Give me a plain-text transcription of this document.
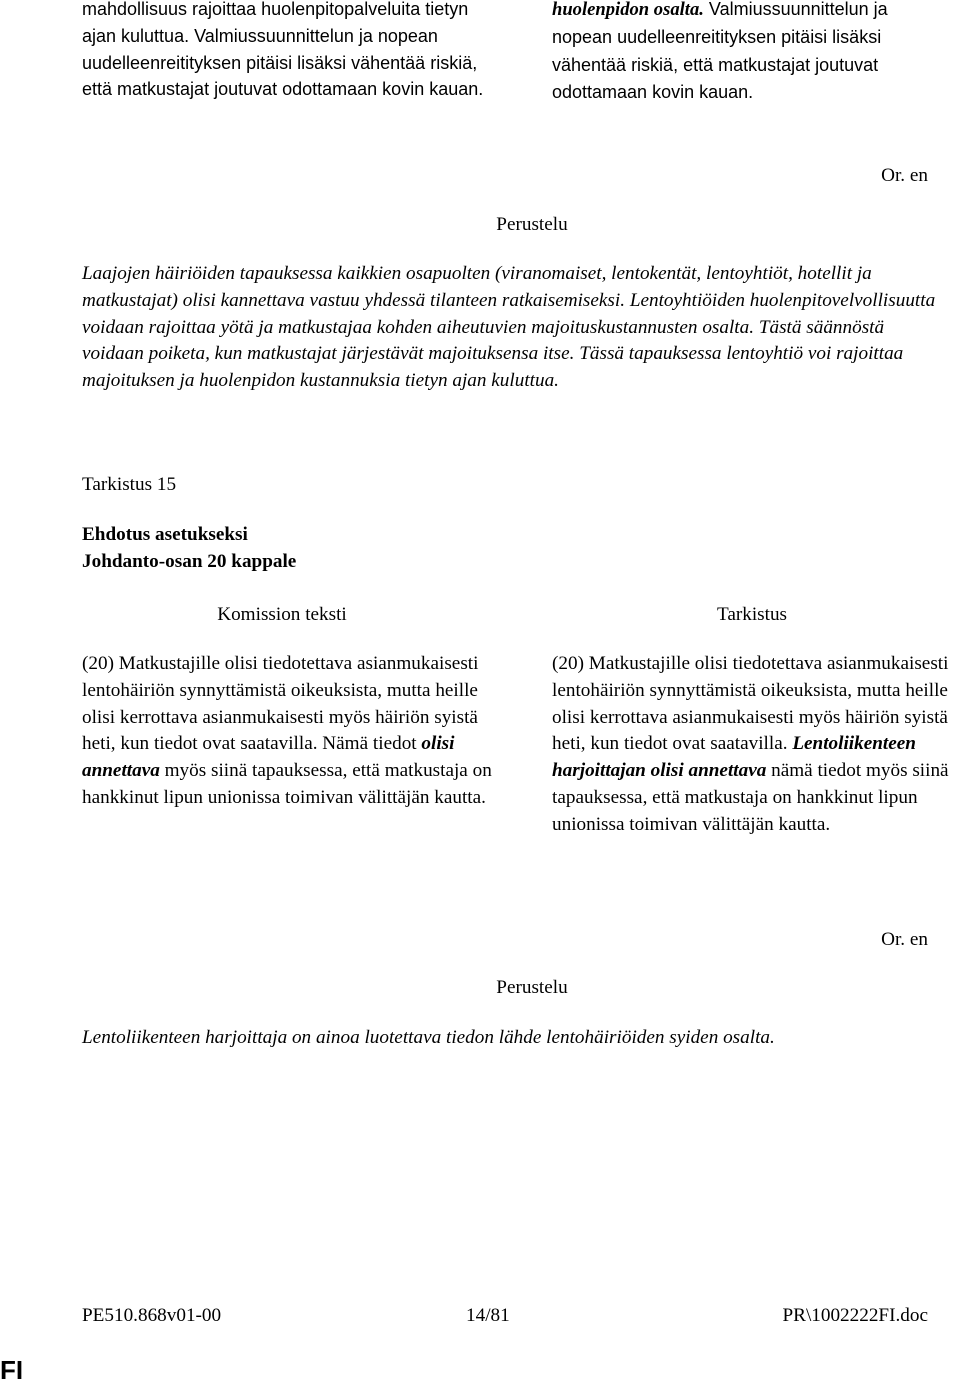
mahdollisuus rajoittaa huolenpitopalveluita tietyn ajan kuluttua. Valmiussuunnittelun ja nopean uudelleenreitityksen pitäisi lisäksi vähentää riskiä, että matkustajat joutuvat odottamaan kovin kauan.

huolenpidon osalta. Valmiussuunnittelun ja nopean uudelleenreitityksen pitäisi lisäksi vähentää riskiä, että matkustajat joutuvat odottamaan kovin kauan.

Or. en
Perustelu
Laajojen häiriöiden tapauksessa kaikkien osapuolten (viranomaiset, lentokentät, lentoyhtiöt, hotellit ja matkustajat) olisi kannettava vastuu yhdessä tilanteen ratkaisemiseksi. Lentoyhtiöiden huolenpitovelvollisuutta voidaan rajoittaa yötä ja matkustajaa kohden aiheutuvien majoituskustannusten osalta. Tästä säännöstä voidaan poiketa, kun matkustajat järjestävät majoituksensa itse. Tässä tapauksessa lentoyhtiö voi rajoittaa majoituksen ja huolenpidon kustannuksia tietyn ajan kuluttua.
Tarkistus 15
Ehdotus asetukseksi
Johdanto-osan 20 kappale
Komission teksti	Tarkistus

(20) Matkustajille olisi tiedotettava asianmukaisesti lentohäiriön synnyttämistä oikeuksista, mutta heille olisi kerrottava asianmukaisesti myös häiriön syistä heti, kun tiedot ovat saatavilla. Nämä tiedot olisi annettava myös siinä tapauksessa, että matkustaja on hankkinut lipun unionissa toimivan välittäjän kautta.

(20) Matkustajille olisi tiedotettava asianmukaisesti lentohäiriön synnyttämistä oikeuksista, mutta heille olisi kerrottava asianmukaisesti myös häiriön syistä heti, kun tiedot ovat saatavilla. Lentoliikenteen harjoittajan olisi annettava nämä tiedot myös siinä tapauksessa, että matkustaja on hankkinut lipun unionissa toimivan välittäjän kautta.

Or. en
Perustelu
Lentoliikenteen harjoittaja on ainoa luotettava tiedon lähde lentohäiriöiden syiden osalta.
PE510.868v01-00	14/81	PR\1002222FI.doc
FI
